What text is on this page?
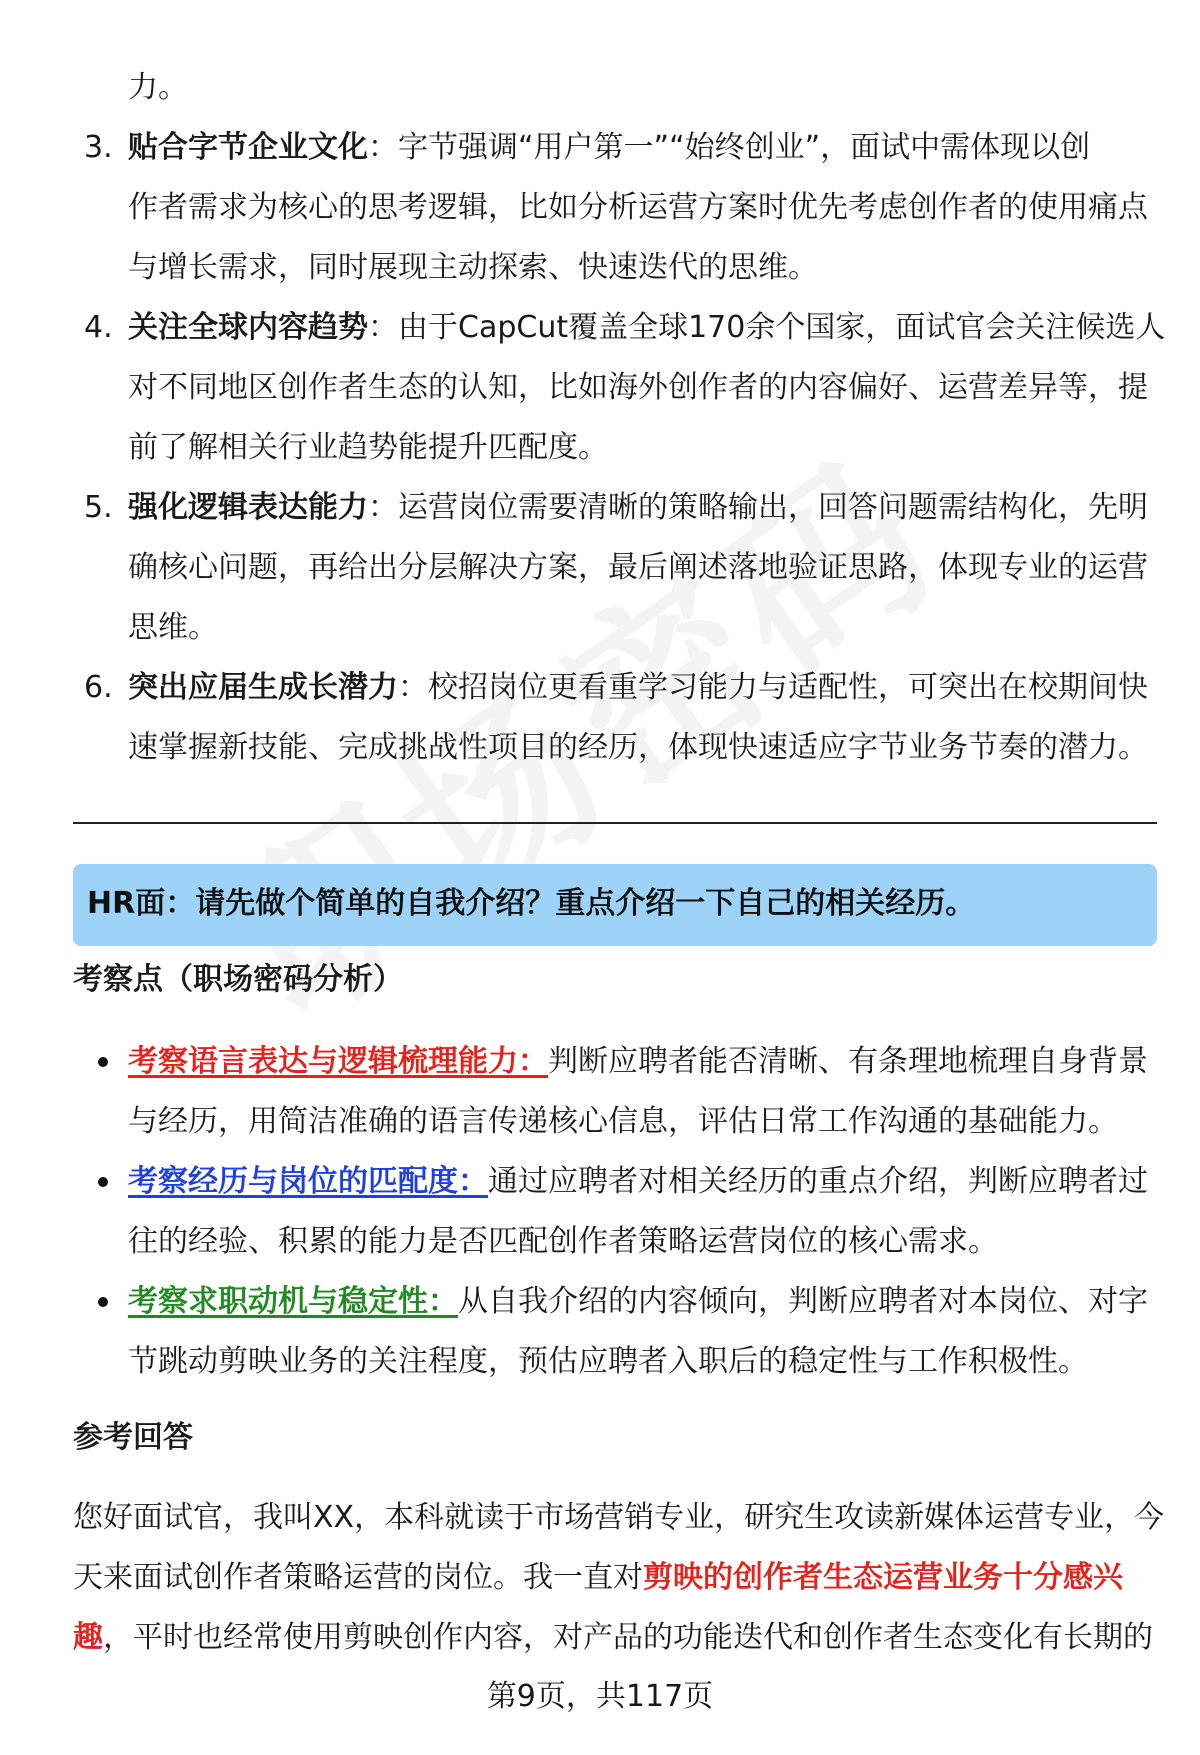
力。
3. 贴合字节企业文化：字节强调“用户第一”“始终创业”，面试中需体现以创
作者需求为核心的思考逻辑，比如分析运营方案时优先考虑创作者的使用痛点
与增长需求，同时展现主动探索、快速迭代的思维。
4. 关注全球内容趋势：由于CapCut覆盖全球170余个国家，面试官会关注候选人
对不同地区创作者生态的认知，比如海外创作者的内容偏好、运营差异等，提
前了解相关行业趋势能提升匹配度。
5. 强化逻辑表达能力：运营岗位需要清晰的策略输出，回答问题需结构化，先明
确核心问题，再给出分层解决方案，最后阐述落地验证思路，体现专业的运营
思维。
6. 突出应届生成长潜力：校招岗位更看重学习能力与适配性，可突出在校期间快
速掌握新技能、完成挑战性项目的经历，体现快速适应字节业务节奏的潜力。
HR面：请先做个简单的自我介绍？重点介绍一下自己的相关经历。
考察点（职场密码分析）
考察语言表达与逻辑梳理能力：判断应聘者能否清晰、有条理地梳理自身背景
与经历，用简洁准确的语言传递核心信息，评估日常工作沟通的基础能力。
考察经历与岗位的匹配度：通过应聘者对相关经历的重点介绍，判断应聘者过
往的经验、积累的能力是否匹配创作者策略运营岗位的核心需求。
考察求职动机与稳定性：从自我介绍的内容倾向，判断应聘者对本岗位、对字
节跳动剪映业务的关注程度，预估应聘者入职后的稳定性与工作积极性。
参考回答
您好面试官，我叫XX，本科就读于市场营销专业，研究生攻读新媒体运营专业，今
天来面试创作者策略运营的岗位。我一直对剪映的创作者生态运营业务十分感兴
趣，平时也经常使用剪映创作内容，对产品的功能迭代和创作者生态变化有长期的
第9页，共117页
